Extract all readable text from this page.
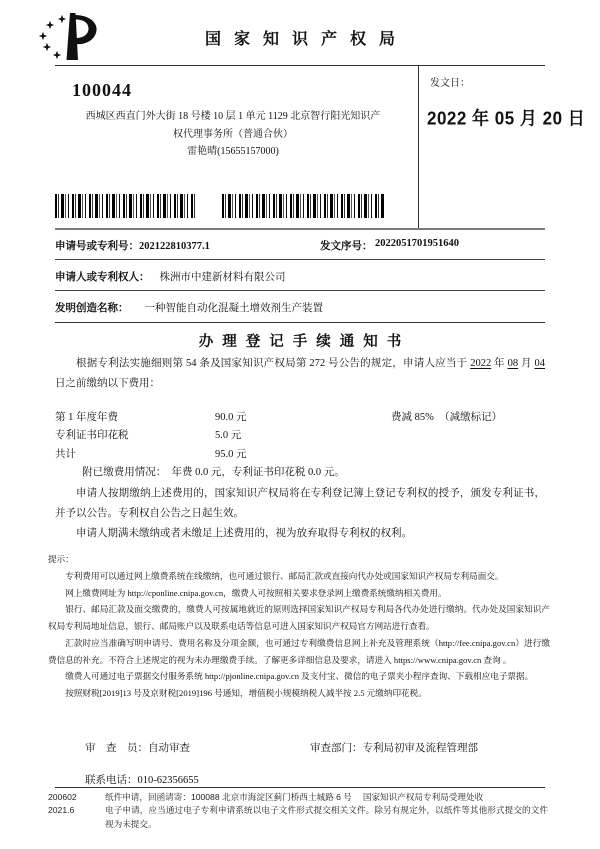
国家知识产权局
100044
西城区西直门外大街 18 号楼 10 层 1 单元 1129 北京智行阳光知识产
权代理事务所（普通合伙）
雷艳晴(15655157000)
发文日：
2022 年 05 月 20 日
申请号或专利号：202122810377.1	发文序号： 2022051701951640
申请人或专利权人： 株洲市中建新材料有限公司
发明创造名称： 一种智能自动化混凝土增效剂生产装置
办理登记手续通知书

根据专利法实施细则第 54 条及国家知识产权局第 272 号公告的规定，申请人应当于 2022 年 08 月 04 日之前缴纳以下费用：

第 1 年度年费	90.0 元	费减 85%　（减缴标记）
专利证书印花税	5.0 元
共计	95.0 元

附已缴费用情况：　年费 0.0 元，专利证书印花税 0.0 元。

申请人按期缴纳上述费用的，国家知识产权局将在专利登记簿上登记专利权的授予，颁发专利证书，并予以公告。专利权自公告之日起生效。

申请人期满未缴纳或者未缴足上述费用的，视为放弃取得专利权的权利。

提示：

专利费用可以通过网上缴费系统在线缴纳，也可通过银行、邮局汇款或直接向代办处或国家知识产权局专利局面交。

网上缴费网址为 http://cponline.cnipa.gov.cn，缴费人可按照相关要求登录网上缴费系统缴纳相关费用。

银行、邮局汇款及面交缴费的，缴费人可按属地就近的原则选择国家知识产权局专利局各代办处进行缴纳。代办处及国家知识产权局专利局地址信息，银行、邮局账户以及联系电话等信息可进入国家知识产权局官方网站进行查看。

汇款时应当准确写明申请号、费用名称及分项金额，也可通过专利缴费信息网上补充及管理系统（http://fee.cnipa.gov.cn）进行缴费信息的补充。不符合上述规定的视为未办理缴费手续。了解更多详细信息及要求，请进入 https://www.cnipa.gov.cn 查询 。

缴费人可通过电子票据交付服务系统 http://pjonline.cnipa.gov.cn 及支付宝、微信的电子票夹小程序查询、下载相应电子票据。

按照财税[2019]13 号及京财税[2019]196 号通知，增值税小规模纳税人减半按 2.5 元缴纳印花税。

审　查　员：自动审查	审查部门：专利局初审及流程管理部
联系电话：010-62356655
200602
2021.6
纸件申请，回函请寄：100088 北京市海淀区蓟门桥西土城路 6 号　 国家知识产权局专利局受理处收
电子申请，应当通过电子专利申请系统以电子文件形式提交相关文件。除另有规定外，以纸件等其他形式提交的文件视为未提交。
